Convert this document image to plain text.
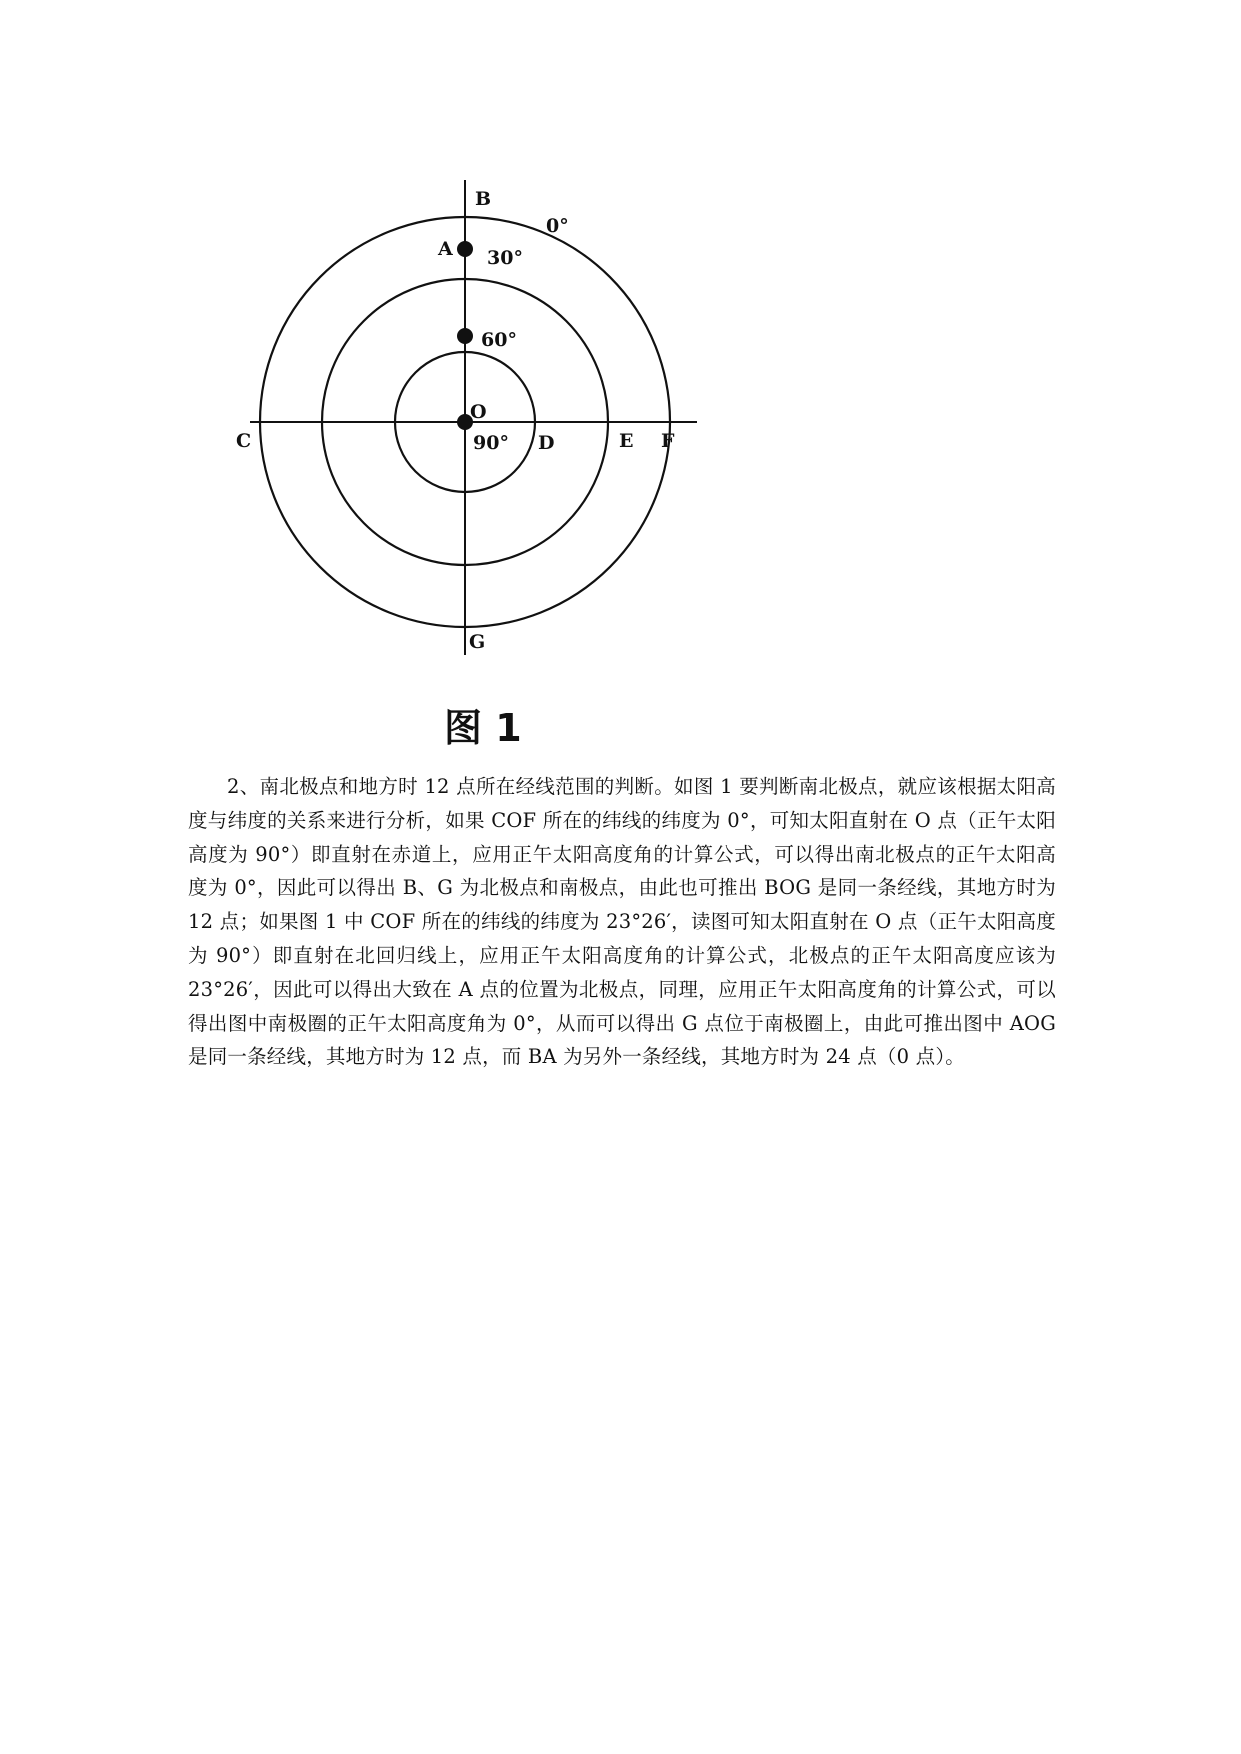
B
0°
A 30°
60°
O
C	90° D	E F
G
图 1

2、南北极点和地方时 12 点所在经线范围的判断。如图 1 要判断南北极点，就应该根据太阳高度与纬度的关系来进行分析，如果 COF 所在的纬线的纬度为 0°，可知太阳直射在 O 点（正午太阳高度为 90°）即直射在赤道上，应用正午太阳高度角的计算公式，可以得出南北极点的正午太阳高度为 0°，因此可以得出 B、G 为北极点和南极点，由此也可推出 BOG 是同一条经线，其地方时为 12 点；如果图 1 中 COF 所在的纬线的纬度为 23°26′，读图可知太阳直射在 O 点（正午太阳高度为 90°）即直射在北回归线上，应用正午太阳高度角的计算公式，北极点的正午太阳高度应该为 23°26′，因此可以得出大致在 A 点的位置为北极点，同理，应用正午太阳高度角的计算公式，可以得出图中南极圈的正午太阳高度角为 0°，从而可以得出 G 点位于南极圈上，由此可推出图中 AOG 是同一条经线，其地方时为 12 点，而 BA 为另外一条经线，其地方时为 24 点（0 点）。
